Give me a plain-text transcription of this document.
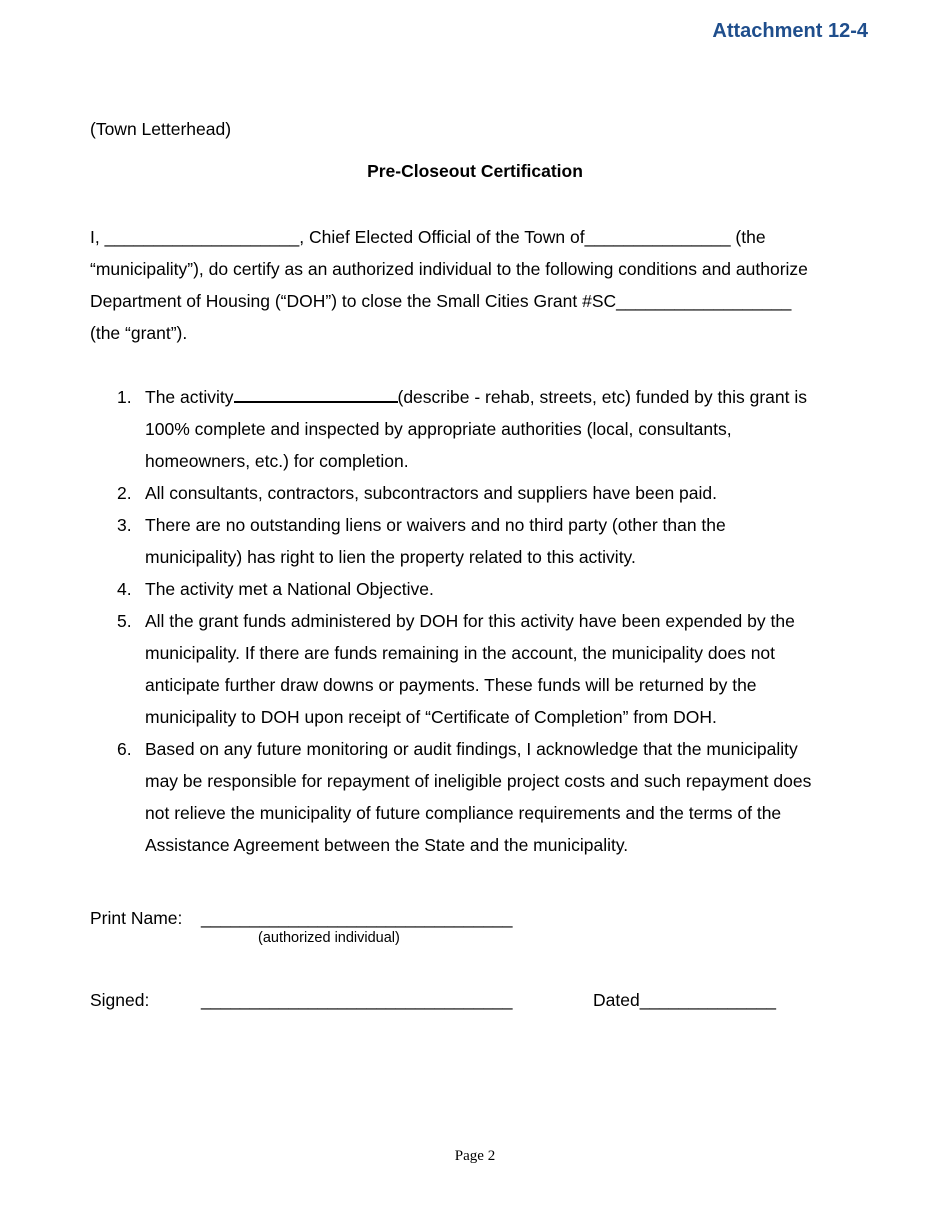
Attachment 12-4
(Town Letterhead)
Pre-Closeout Certification
I, ____________________, Chief Elected Official of the Town of_______________ (the
“municipality”), do certify as an authorized individual to the following conditions and authorize
Department of Housing (“DOH”) to close the Small Cities Grant #SC__________________
(the “grant”).
1. The activity	(describe - rehab, streets, etc) funded by this grant is
100% complete and inspected by appropriate authorities (local, consultants,
homeowners, etc.) for completion.
2. All consultants, contractors, subcontractors and suppliers have been paid.
3. There are no outstanding liens or waivers and no third party (other than the
municipality) has right to lien the property related to this activity.
4. The activity met a National Objective.
5. All the grant funds administered by DOH for this activity have been expended by the
municipality. If there are funds remaining in the account, the municipality does not
anticipate further draw downs or payments. These funds will be returned by the
municipality to DOH upon receipt of “Certificate of Completion” from DOH.
6. Based on any future monitoring or audit findings, I acknowledge that the municipality
may be responsible for repayment of ineligible project costs and such repayment does
not relieve the municipality of future compliance requirements and the terms of the
Assistance Agreement between the State and the municipality.
Print Name: ________________________________
(authorized individual)
Signed:	________________________________	Dated______________
Page 2
